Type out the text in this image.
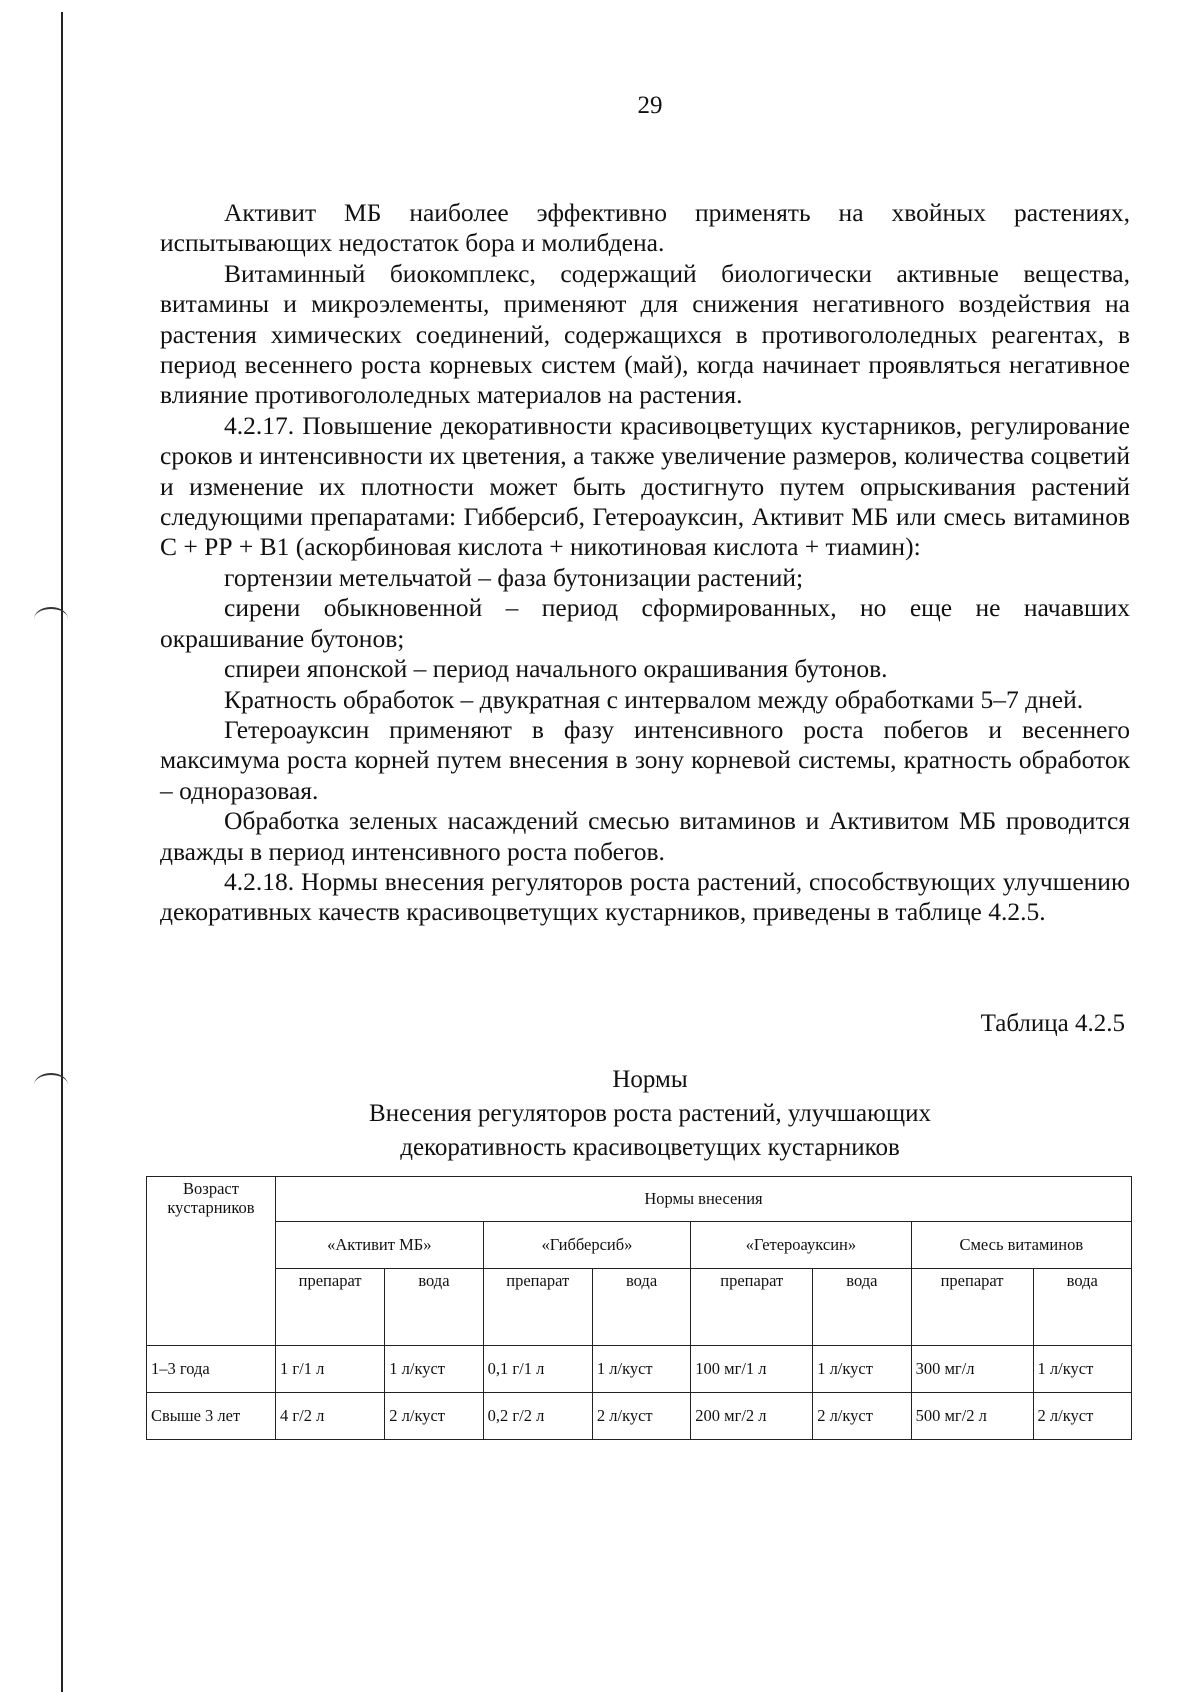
29

Активит МБ наиболее эффективно применять на хвойных растениях, испытывающих недостаток бора и молибдена.

Витаминный биокомплекс, содержащий биологически активные вещества, витамины и микроэлементы, применяют для снижения негативного воздействия на растения химических соединений, содержащихся в противогололедных реагентах, в период весеннего роста корневых систем (май), когда начинает проявляться негативное влияние противогололедных материалов на растения.

4.2.17. Повышение декоративности красивоцветущих кустарников, регулирование сроков и интенсивности их цветения, а также увеличение размеров, количества соцветий и изменение их плотности может быть достигнуто путем опрыскивания растений следующими препаратами: Гибберсиб, Гетероауксин, Активит МБ или смесь витаминов С + РР + В1 (аскорбиновая кислота + никотиновая кислота + тиамин):

гортензии метельчатой – фаза бутонизации растений;

сирени обыкновенной – период сформированных, но еще не начавших окрашивание бутонов;

спиреи японской – период начального окрашивания бутонов.

Кратность обработок – двукратная с интервалом между обработками 5–7 дней.

Гетероауксин применяют в фазу интенсивного роста побегов и весеннего максимума роста корней путем внесения в зону корневой системы, кратность обработок – одноразовая.

Обработка зеленых насаждений смесью витаминов и Активитом МБ проводится дважды в период интенсивного роста побегов.

4.2.18. Нормы внесения регуляторов роста растений, способствующих улучшению декоративных качеств красивоцветущих кустарников, приведены в таблице 4.2.5.

Таблица 4.2.5
Нормы
Внесения регуляторов роста растений, улучшающих
декоративность красивоцветущих кустарников
Возраст кустарников	Нормы внесения							
	«Активит МБ»		«Гибберсиб»		«Гетероауксин»		Смесь витаминов	
	препарат	вода	препарат	вода	препарат	вода	препарат	вода
1–3 года	1 г/1 л	1 л/куст	0,1 г/1 л	1 л/куст	100 мг/1 л	1 л/куст	300 мг/л	1 л/куст
Свыше 3 лет	4 г/2 л	2 л/куст	0,2 г/2 л	2 л/куст	200 мг/2 л	2 л/куст	500 мг/2 л	2 л/куст
